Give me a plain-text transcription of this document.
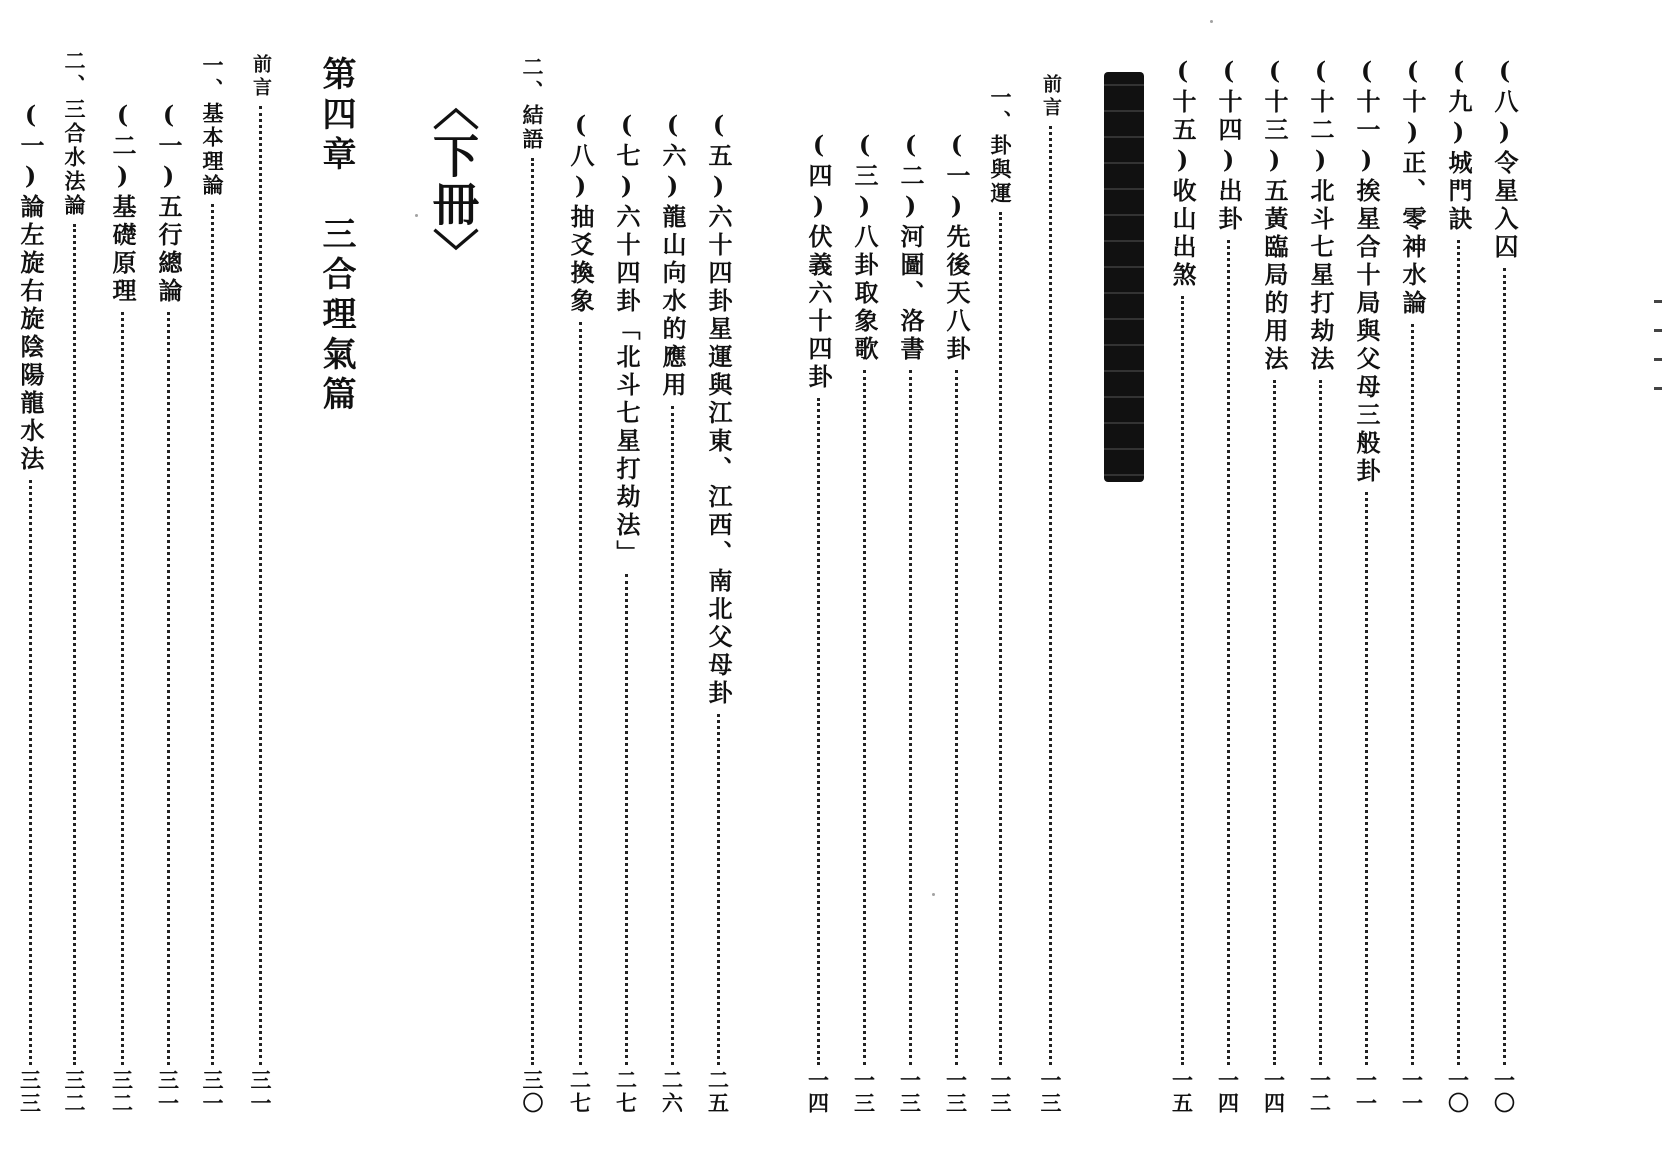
(八)令星入囚
一〇
(九)城門訣
一〇
(十)正、零神水論
一一
(十一)挨星合十局與父母三般卦
一一
(十二)北斗七星打劫法
一二
(十三)五黃臨局的用法
一四
(十四)出卦
一四
(十五)收山出煞
一五
前言
一三
一、卦與運
一三
(一)先後天八卦
一三
(二)河圖、洛書
一三
(三)八卦取象歌
一三
(四)伏義六十四卦
一四
(五)六十四卦星運與江東、江西、南北父母卦
二五
(六)龍山向水的應用
二六
(七)六十四卦「北斗七星打劫法」
二七
(八)抽爻換象
二七
二、結語
三〇
〈下冊〉
第四章　三合理氣篇
前言
三一
一、基本理論
三一
(一)五行總論
三一
(二)基礎原理
三二
二、三合水法論
三二
(一)論左旋右旋陰陽龍水法
三三
